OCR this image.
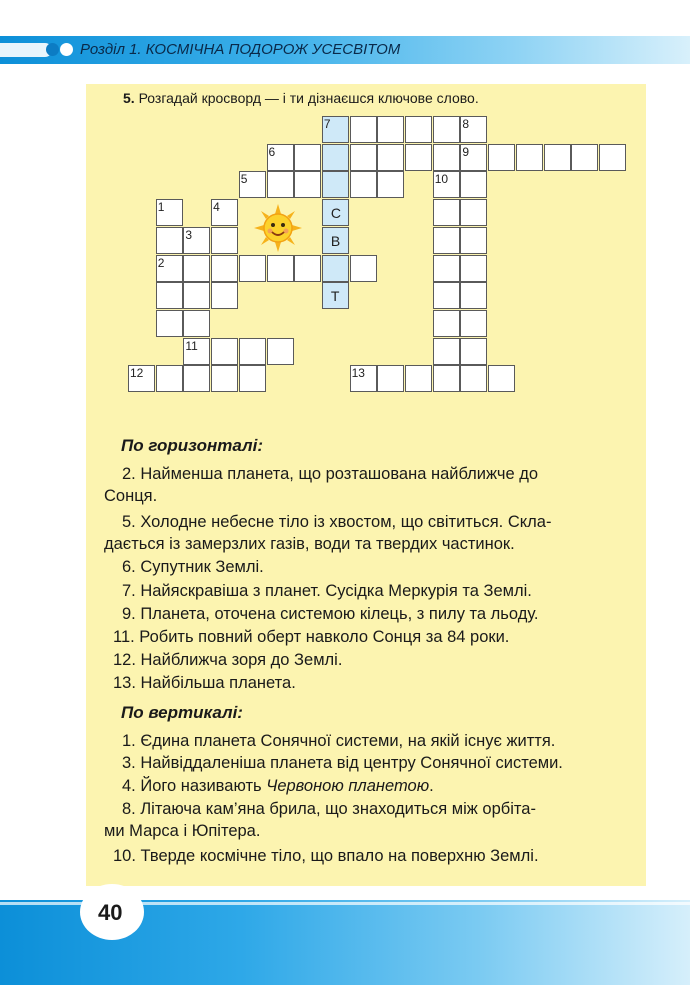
Розділ 1. КОСМІЧНА ПОДОРОЖ УСЕСВІТОМ
5. Розгадай кросворд — і ти дізнаєшся ключове слово.
1
2
3
4
5
6
7	8
9
10
11
12	13
С
В
Т
По горизонталі:
2. Найменша планета, що розташована найближче до
Сонця.
5. Холодне небесне тіло із хвостом, що світиться. Скла-
дається із замерзлих газів, води та твердих частинок.
6. Супутник Землі.
7. Найяскравіша з планет. Сусідка Меркурія та Землі.
9. Планета, оточена системою кілець, з пилу та льоду.
11. Робить повний оберт навколо Сонця за 84 роки.
12. Найближча зоря до Землі.
13. Найбільша планета.
По вертикалі:
1. Єдина планета Сонячної системи, на якій існує життя.
3. Найвіддаленіша планета від центру Сонячної системи.
4. Його називають Червоною планетою.
8. Літаюча кам’яна брила, що знаходиться між орбіта-
ми Марса і Юпітера.
10. Тверде космічне тіло, що впало на поверхню Землі.
40
